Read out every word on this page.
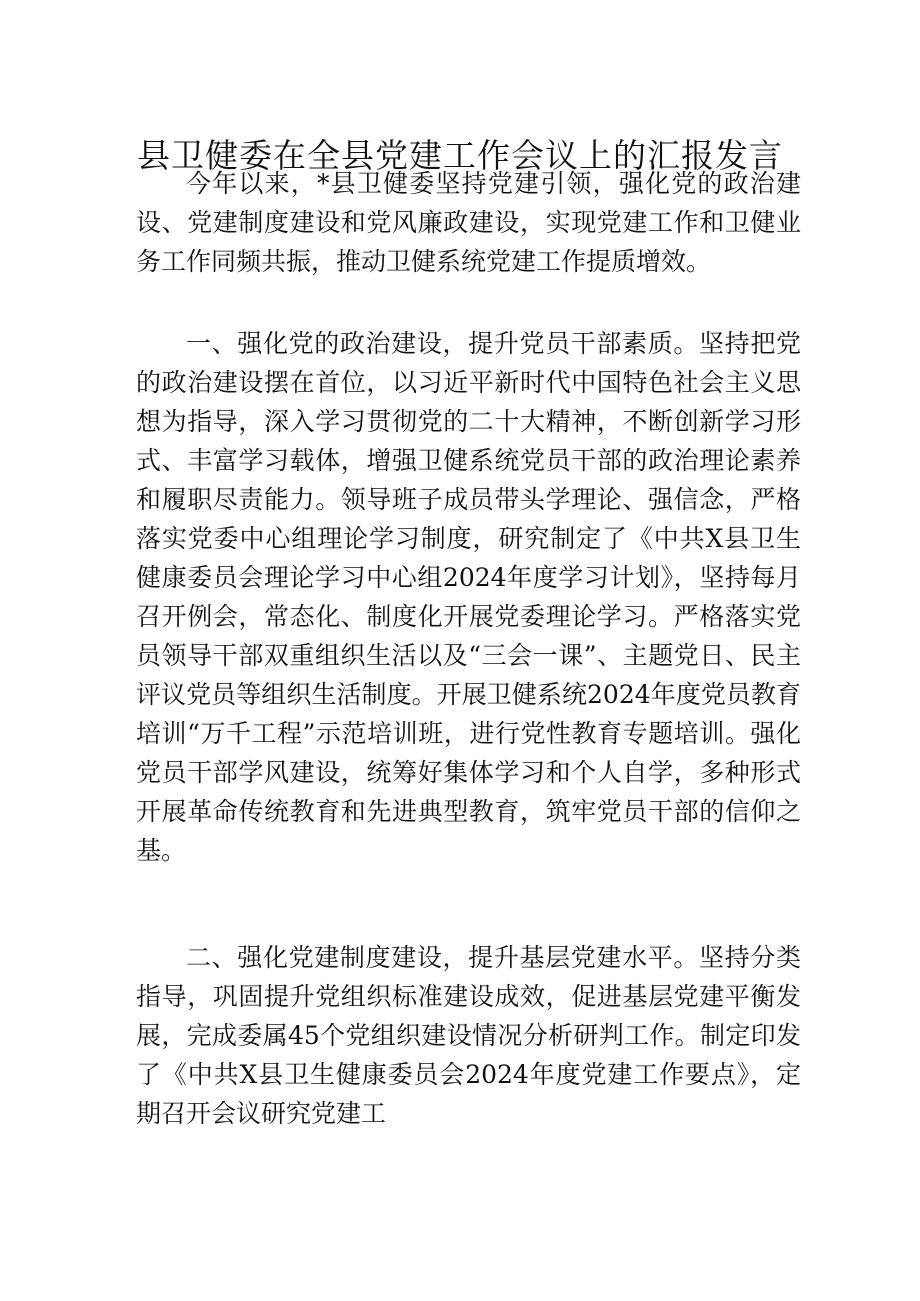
县卫健委在全县党建工作会议上的汇报发言

今年以来，*县卫健委坚持党建引领，强化党的政治建设、党建制度建设和党风廉政建设，实现党建工作和卫健业务工作同频共振，推动卫健系统党建工作提质增效。

一、强化党的政治建设，提升党员干部素质。坚持把党的政治建设摆在首位，以习近平新时代中国特色社会主义思想为指导，深入学习贯彻党的二十大精神，不断创新学习形式、丰富学习载体，增强卫健系统党员干部的政治理论素养和履职尽责能力。领导班子成员带头学理论、强信念，严格落实党委中心组理论学习制度，研究制定了《中共X县卫生健康委员会理论学习中心组2024年度学习计划》，坚持每月召开例会，常态化、制度化开展党委理论学习。严格落实党员领导干部双重组织生活以及“三会一课”、主题党日、民主评议党员等组织生活制度。开展卫健系统2024年度党员教育培训“万千工程”示范培训班，进行党性教育专题培训。强化党员干部学风建设，统筹好集体学习和个人自学，多种形式开展革命传统教育和先进典型教育，筑牢党员干部的信仰之基。

二、强化党建制度建设，提升基层党建水平。坚持分类指导，巩固提升党组织标准建设成效，促进基层党建平衡发展，完成委属45个党组织建设情况分析研判工作。制定印发了《中共X县卫生健康委员会2024年度党建工作要点》，定期召开会议研究党建工
